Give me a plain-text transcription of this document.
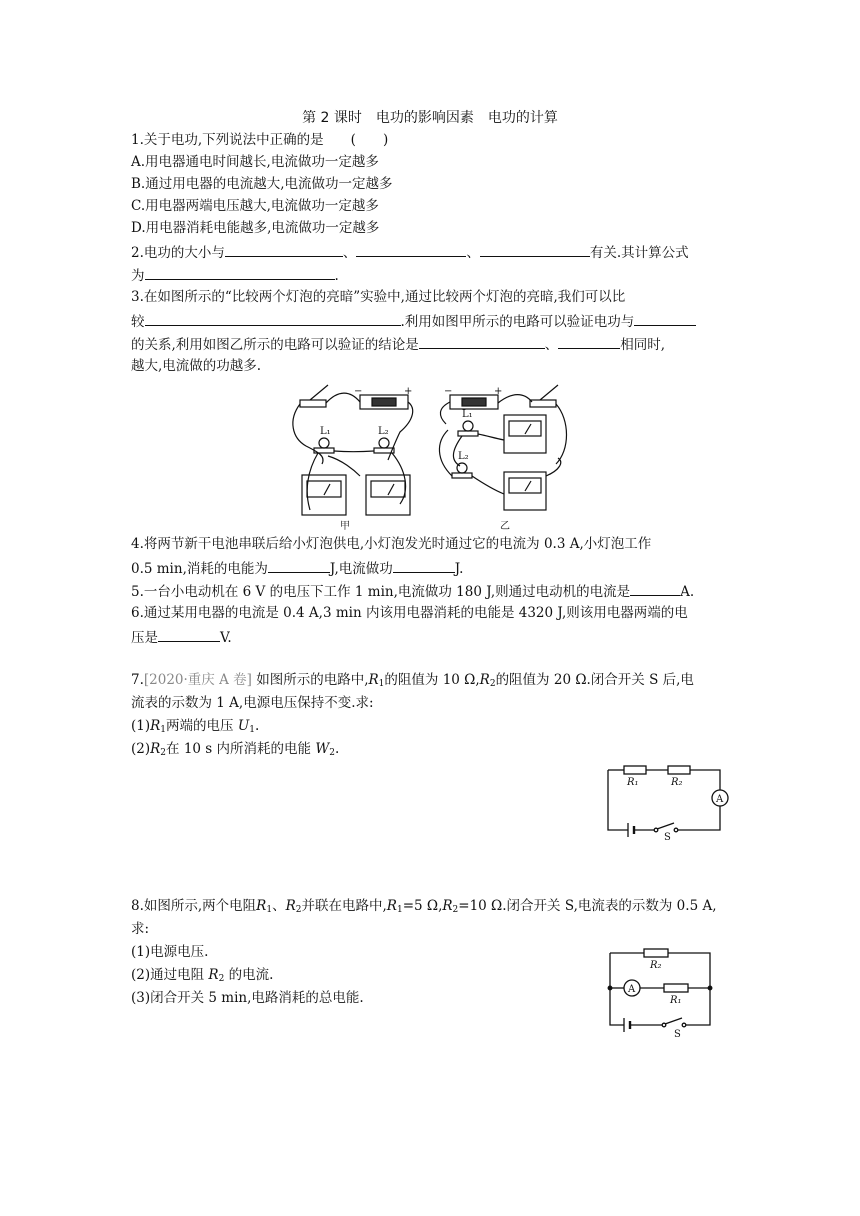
第 2 课时　电功的影响因素　电功的计算
1.关于电功,下列说法中正确的是　　(　　)
A.用电器通电时间越长,电流做功一定越多
B.通过用电器的电流越大,电流做功一定越多
C.用电器两端电压越大,电流做功一定越多
D.用电器消耗电能越多,电流做功一定越多
2.电功的大小与	、	、	有关.其计算公式
为	.
3.在如图所示的“比较两个灯泡的亮暗”实验中,通过比较两个灯泡的亮暗,我们可以比
较	.利用如图甲所示的电路可以验证电功与
的关系,利用如图乙所示的电路可以验证的结论是	、	相同时,
越大,电流做的功越多.
L₁	L₂
L₁
L₂
−	+	−	+
甲	乙
4.将两节新干电池串联后给小灯泡供电,小灯泡发光时通过它的电流为 0.3 A,小灯泡工作
0.5 min,消耗的电能为	J,电流做功	J.
5.一台小电动机在 6 V 的电压下工作 1 min,电流做功 180 J,则通过电动机的电流是	A.
6.通过某用电器的电流是 0.4 A,3 min 内该用电器消耗的电能是 4320 J,则该用电器两端的电
压是	V.
7.[2020·重庆 A 卷] 如图所示的电路中$,R_1$的阻值为 10 $\Omega,R_2$的阻值为 20 Ω.闭合开关 S 后,电
流表的示数为 1 A,电源电压保持不变.求:
$(1)R_1$两端的电压 $U_1$.
$(2)R_2$在 10 s 内所消耗的电能 $W_2$.
R₁	R₂
A
S
8.如图所示,两个电阻$R_1$、$R_2$并联在电路中$,R_1=5$ $\Omega,R_2=10$ Ω.闭合开关 S,电流表的示数为 0.5 A,
求:
(1)电源电压.
(2)通过电阻 $R_2$ 的电流.
(3)闭合开关 5 min,电路消耗的总电能.
R₂
R₁
A
S
